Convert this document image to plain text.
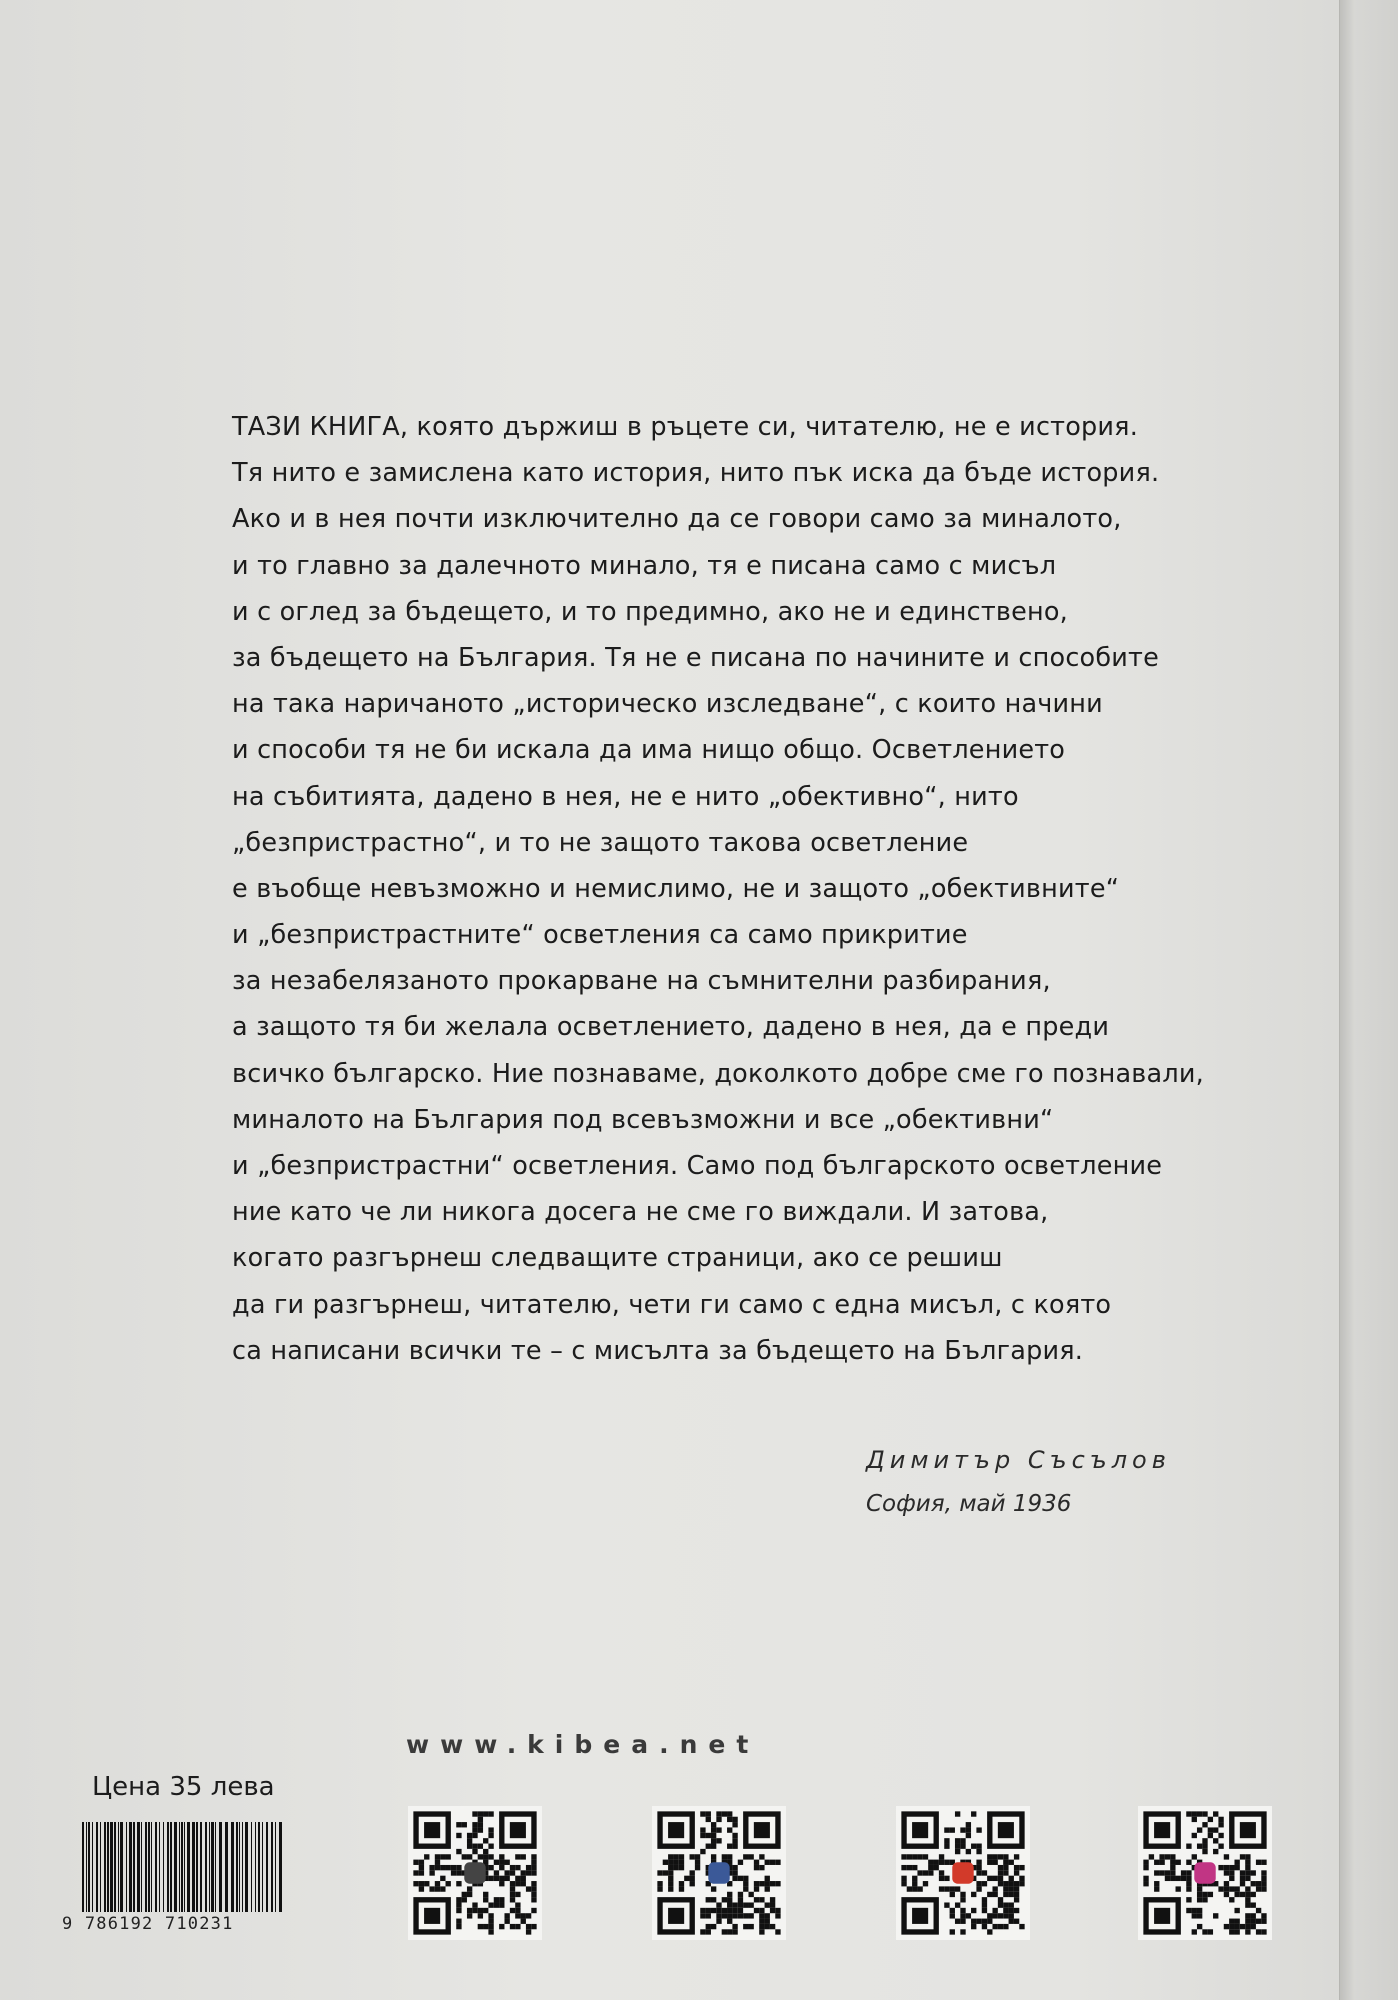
ТАЗИ КНИГА, която държиш в ръцете си, читателю, не е история.
Тя нито е замислена като история, нито пък иска да бъде история.
Ако и в нея почти изключително да се говори само за миналото,
и то главно за далечното минало, тя е писана само с мисъл
и с оглед за бъдещето, и то предимно, ако не и единствено,
за бъдещето на България. Тя не е писана по начините и способите
на така наричаното „историческо изследване“, с които начини
и способи тя не би искала да има нищо общо. Осветлението
на събитията, дадено в нея, не е нито „обективно“, нито
„безпристрастно“, и то не защото такова осветление
е въобще невъзможно и немислимо, не и защото „обективните“
и „безпристрастните“ осветления са само прикритие
за незабелязаното прокарване на съмнителни разбирания,
а защото тя би желала осветлението, дадено в нея, да е преди
всичко българско. Ние познаваме, доколкото добре сме го познавали,
миналото на България под всевъзможни и все „обективни“
и „безпристрастни“ осветления. Само под българското осветление
ние като че ли никога досега не сме го виждали. И затова,
когато разгърнеш следващите страници, ако се решиш
да ги разгърнеш, читателю, чети ги само с една мисъл, с която
са написани всички те – с мисълта за бъдещето на България.
Димитър Съсълов
София, май 1936
www.kibea.net
Цена 35 лева
9 786192 710231
